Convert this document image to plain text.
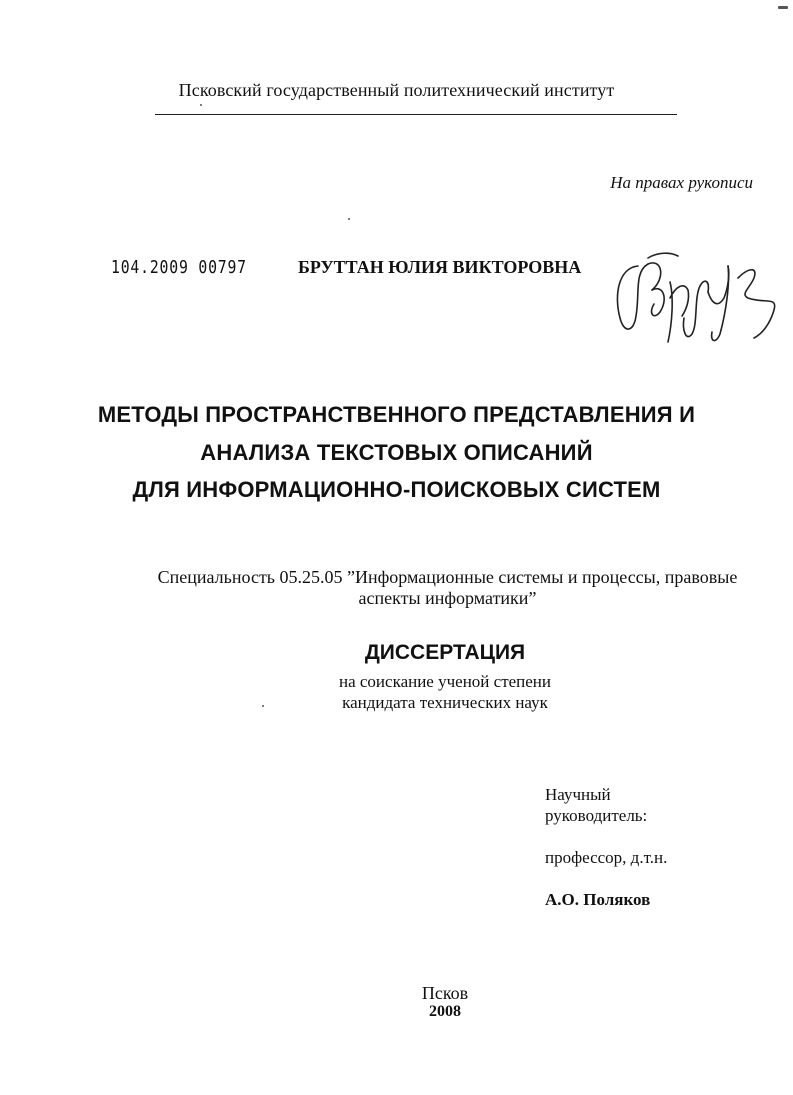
Псковский государственный политехнический институт
На правах рукописи
104.2009 00797	БРУТТАН ЮЛИЯ ВИКТОРОВНА
МЕТОДЫ ПРОСТРАНСТВЕННОГО ПРЕДСТАВЛЕНИЯ И
АНАЛИЗА ТЕКСТОВЫХ ОПИСАНИЙ
ДЛЯ ИНФОРМАЦИОННО-ПОИСКОВЫХ СИСТЕМ
Специальность 05.25.05 ”Информационные системы и процессы, правовые
аспекты информатики”
ДИССЕРТАЦИЯ
на соискание ученой степени
кандидата технических наук
Научный
руководитель:
профессор, д.т.н.
А.О. Поляков
Псков
2008
